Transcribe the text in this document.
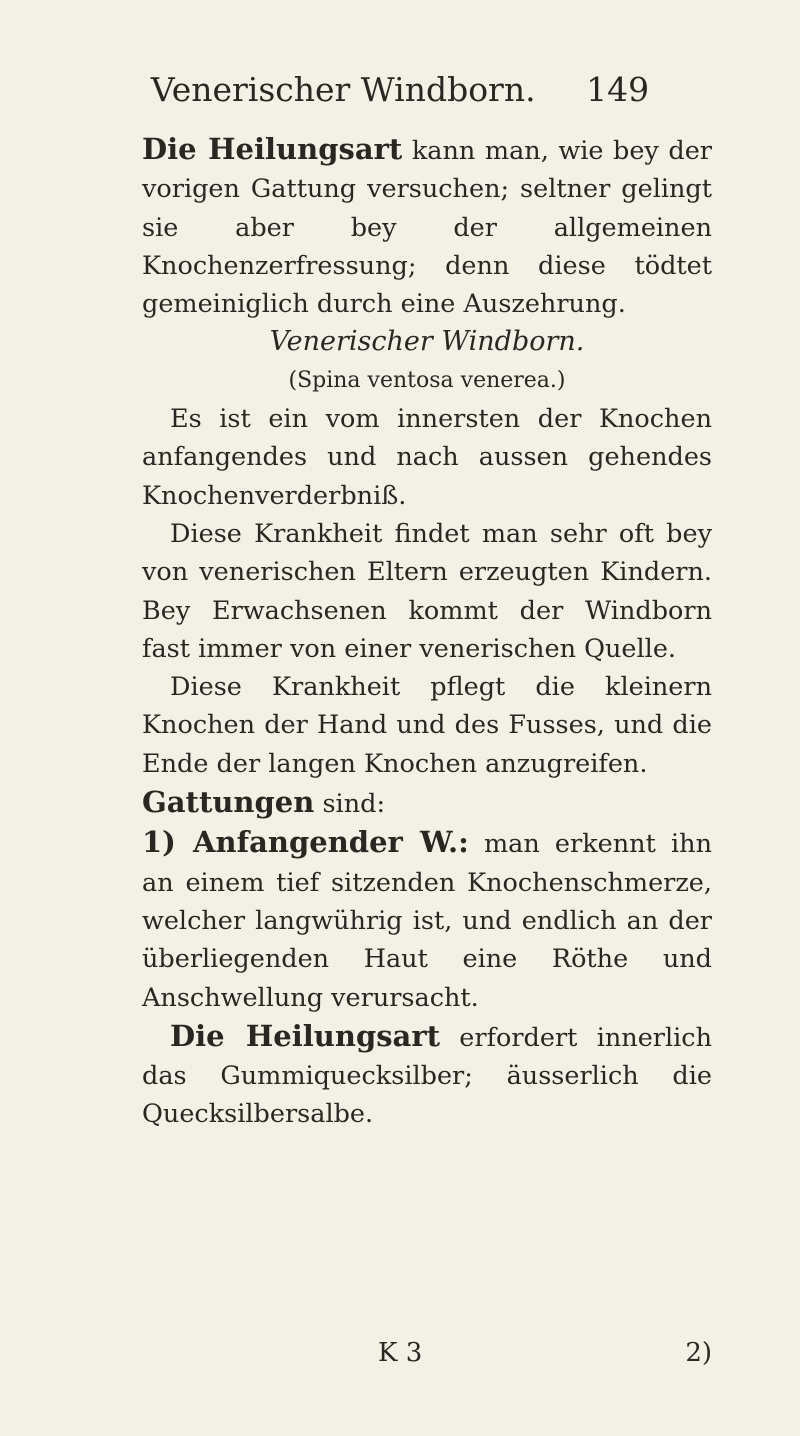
Venerischer Windborn. 149

Die Heilungsart kann man, wie bey der vorigen Gattung versuchen; seltner gelingt sie aber bey der allgemeinen Knochenzerfressung; denn diese tödtet gemeiniglich durch eine Auszehrung.

Venerischer Windborn.

(Spina ventosa venerea.)

Es ist ein vom innersten der Knochen anfangendes und nach aussen gehendes Knochenverderbniß.

Diese Krankheit findet man sehr oft bey von venerischen Eltern erzeugten Kindern. Bey Erwachsenen kommt der Windborn fast immer von einer venerischen Quelle.

Diese Krankheit pflegt die kleinern Knochen der Hand und des Fusses, und die Ende der langen Knochen anzugreifen.

Gattungen sind:

1) Anfangender W.: man erkennt ihn an einem tief sitzenden Knochenschmerze, welcher langwührig ist, und endlich an der überliegenden Haut eine Röthe und Anschwellung verursacht.

Die Heilungsart erfordert innerlich das Gummiquecksilber; äusserlich die Quecksilbersalbe.

K 3	2)
